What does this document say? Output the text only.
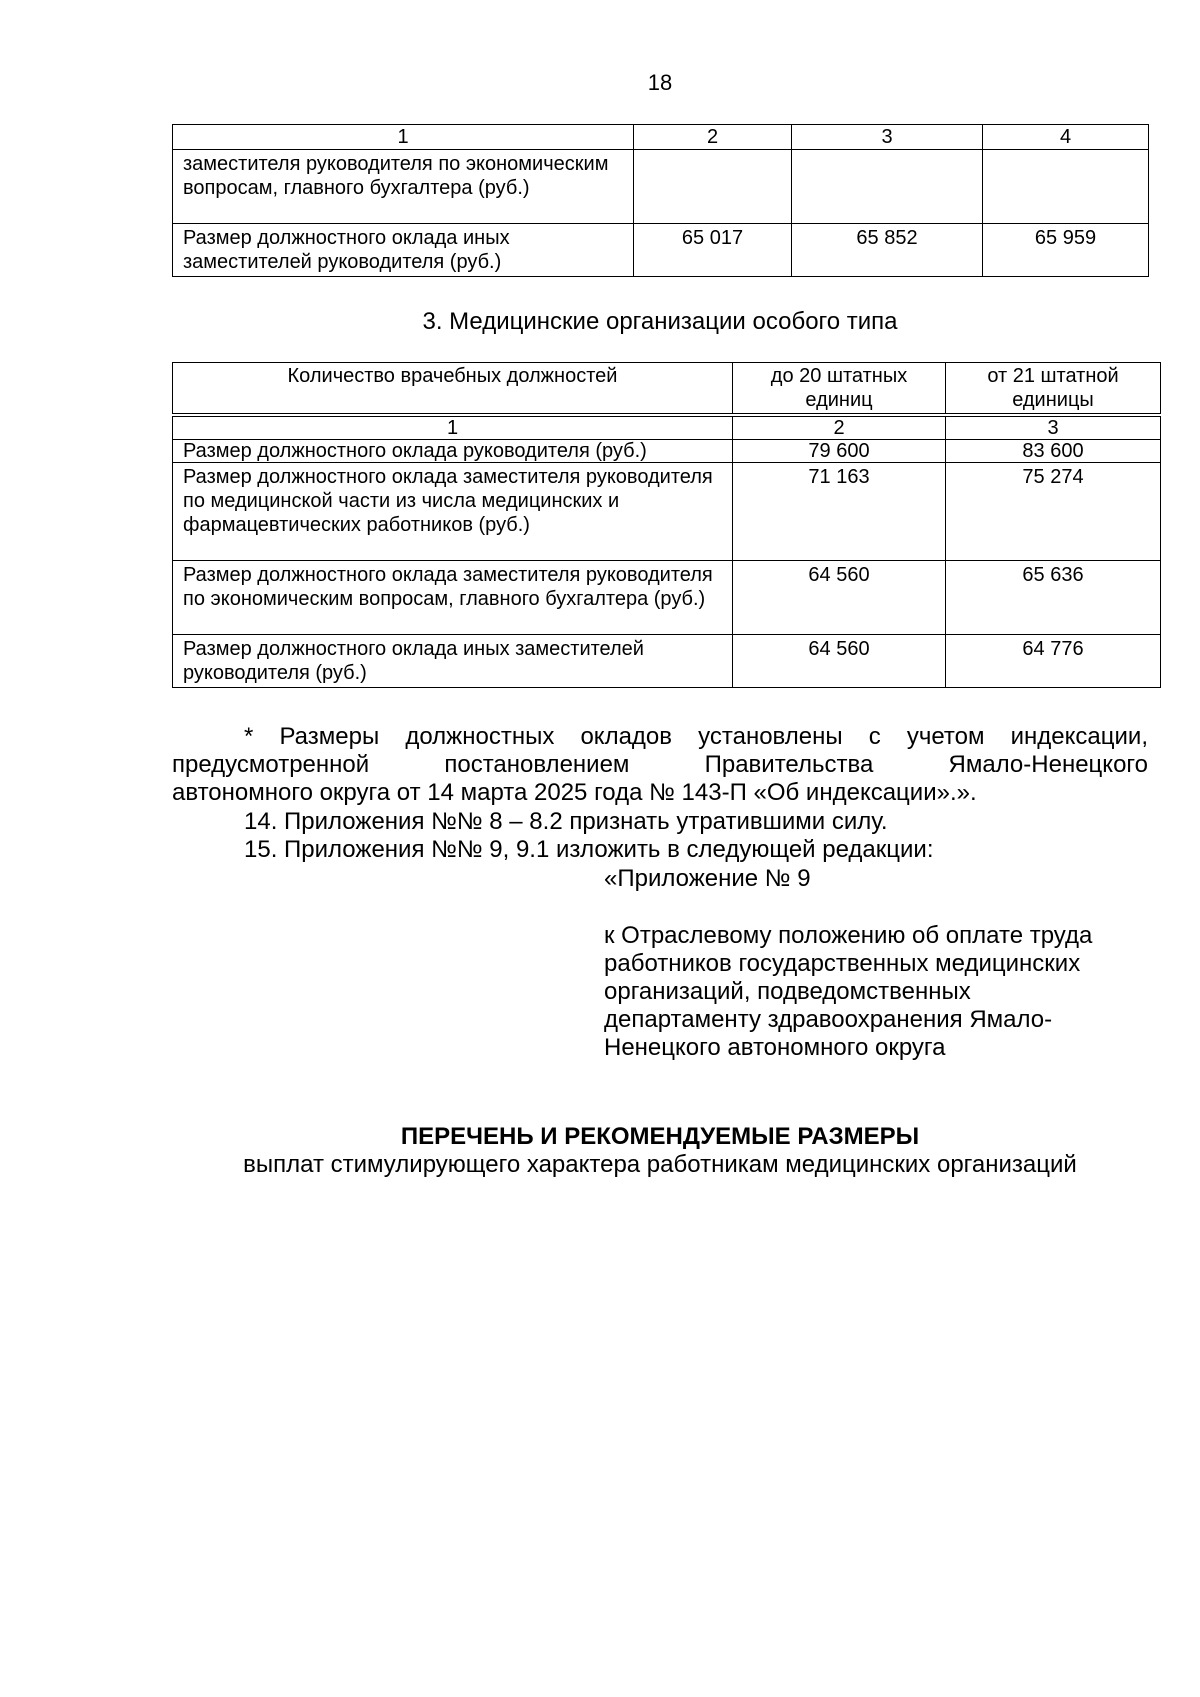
18
1	2	3	4
заместителя руководителя по экономическим вопросам, главного бухгалтера (руб.)			
Размер должностного оклада иных заместителей руководителя (руб.)	65 017	65 852	65 959
3. Медицинские организации особого типа
Количество врачебных должностей	до 20 штатных единиц	от 21 штатной единицы
1	2	3
Размер должностного оклада руководителя (руб.)	79 600	83 600
Размер должностного оклада заместителя руководителя по медицинской части из числа медицинских и фармацевтических работников (руб.)	71 163	75 274
Размер должностного оклада заместителя руководителя по экономическим вопросам, главного бухгалтера (руб.)	64 560	65 636
Размер должностного оклада иных заместителей руководителя (руб.)	64 560	64 776
* Размеры должностных окладов установлены с учетом индексации,
предусмотренной постановлением Правительства Ямало-Ненецкого
автономного округа от 14 марта 2025 года № 143-П «Об индексации».».
14. Приложения №№ 8 – 8.2 признать утратившими силу.
15. Приложения №№ 9, 9.1 изложить в следующей редакции:
«Приложение № 9
к Отраслевому положению об оплате труда
работников государственных медицинских
организаций, подведомственных
департаменту здравоохранения Ямало-
Ненецкого автономного округа
ПЕРЕЧЕНЬ И РЕКОМЕНДУЕМЫЕ РАЗМЕРЫ
выплат стимулирующего характера работникам медицинских организаций
